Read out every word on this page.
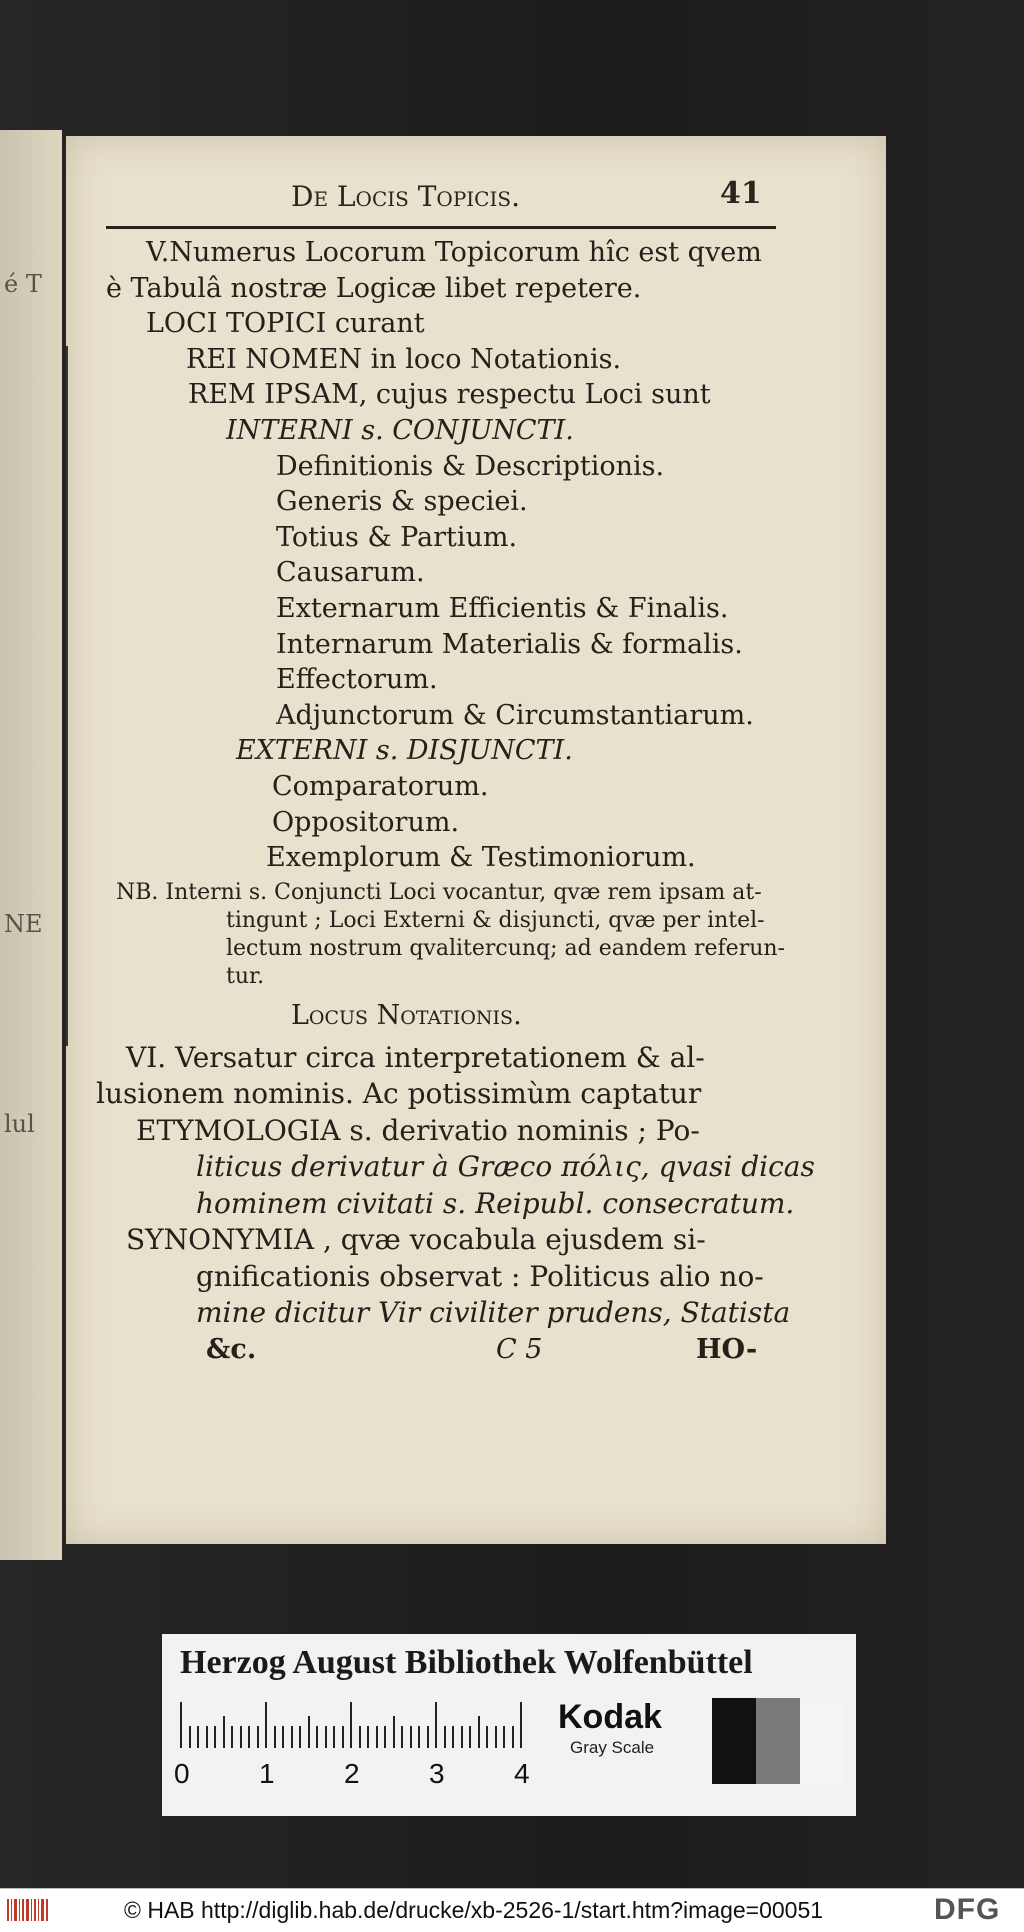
é T
NE
lul
De Locis Topicis.	41
V.Numerus Locorum Topicorum hîc est qvem
è Tabulâ nostræ Logicæ libet repetere.
LOCI TOPICI curant
REI NOMEN in loco Notationis.
REM IPSAM, cujus respectu Loci sunt
INTERNI s. CONJUNCTI.
Definitionis & Descriptionis.
Generis & speciei.
Totius & Partium.
Causarum.
Externarum Efficientis & Finalis.
Internarum Materialis & formalis.
Effectorum.
Adjunctorum & Circumstantiarum.
EXTERNI s. DISJUNCTI.
Comparatorum.
Oppositorum.
Exemplorum & Testimoniorum.
NB. Interni s. Conjuncti Loci vocantur, qvæ rem ipsam at-
tingunt ; Loci Externi & disjuncti, qvæ per intel-
lectum nostrum qvalitercunq; ad eandem referun-
tur.
Locus Notationis.
VI. Versatur circa interpretationem & al-
lusionem nominis. Ac potissimùm captatur
ETYMOLOGIA s. derivatio nominis ; Po-
liticus derivatur à Græco πόλις, qvasi dicas
hominem civitati s. Reipubl. consecratum.
SYNONYMIA , qvæ vocabula ejusdem si-
gnificationis observat : Politicus alio no-
mine dicitur Vir civiliter prudens, Statista
&c.	C 5	HO-
Herzog August Bibliothek Wolfenbüttel
0 1 2 3 4
Kodak
Gray Scale
© HAB http://diglib.hab.de/drucke/xb-2526-1/start.htm?image=00051	DFG
